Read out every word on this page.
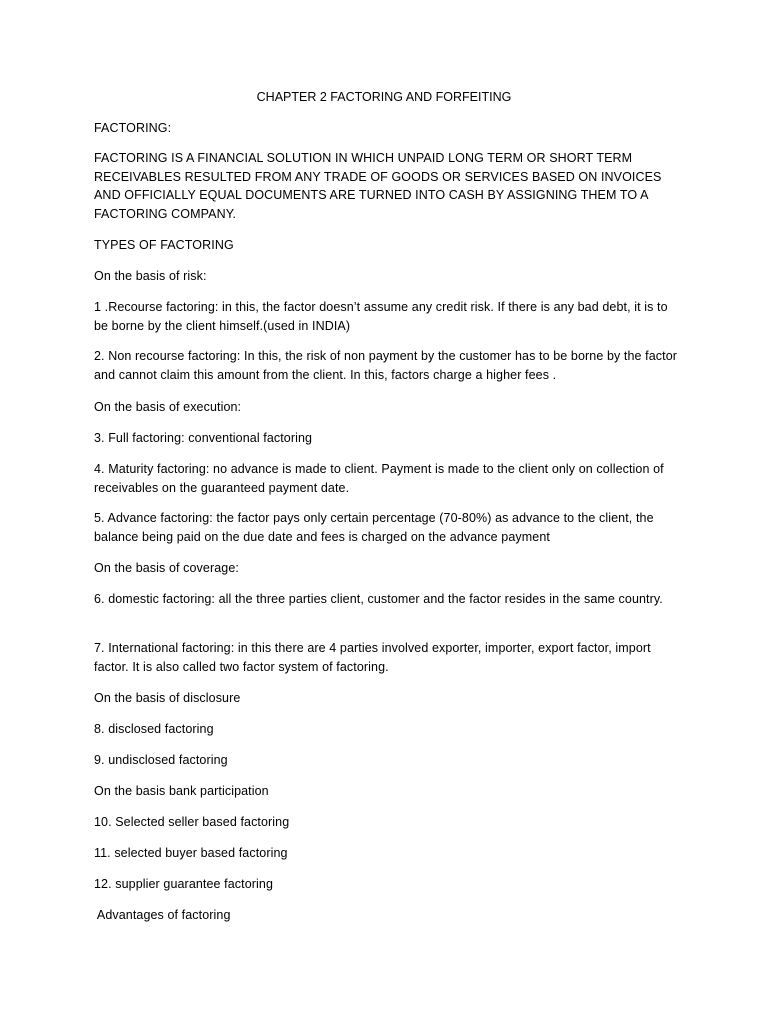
CHAPTER 2 FACTORING AND FORFEITING
FACTORING:
FACTORING IS A FINANCIAL SOLUTION IN WHICH UNPAID LONG TERM OR SHORT TERM RECEIVABLES RESULTED FROM ANY TRADE OF GOODS OR SERVICES BASED ON INVOICES AND OFFICIALLY EQUAL DOCUMENTS ARE TURNED INTO CASH BY ASSIGNING THEM TO A FACTORING COMPANY.
TYPES OF FACTORING
On the basis of risk:
1 .Recourse factoring: in this, the factor doesn’t assume any credit risk. If there is any bad debt, it is to be borne by the client himself.(used in INDIA)
2. Non recourse factoring: In this, the risk of non payment by the customer has to be borne by the factor and cannot claim this amount from the client. In this, factors charge a higher fees .
On the basis of execution:
3. Full factoring: conventional factoring
4. Maturity factoring: no advance is made to client. Payment is made to the client only on collection of receivables on the guaranteed payment date.
5. Advance factoring: the factor pays only certain percentage (70-80%) as advance to the client, the balance being paid on the due date and fees is charged on the advance payment
On the basis of coverage:
6. domestic factoring: all the three parties client, customer and the factor resides in the same country.
7. International factoring: in this there are 4 parties involved exporter, importer, export factor, import factor. It is also called two factor system of factoring.
On the basis of disclosure
8. disclosed factoring
9. undisclosed factoring
On the basis bank participation
10. Selected seller based factoring
11. selected buyer based factoring
12. supplier guarantee factoring
Advantages of factoring
